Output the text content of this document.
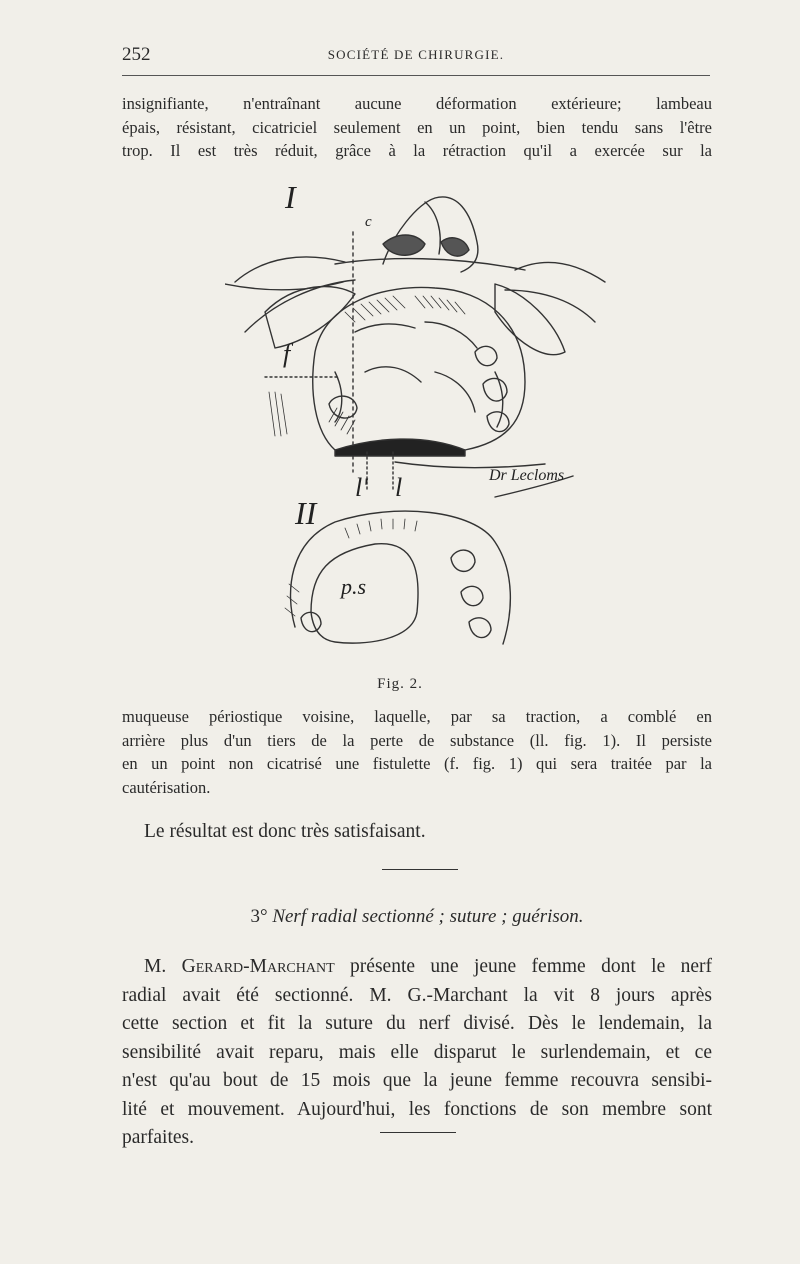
252	SOCIÉTÉ DE CHIRURGIE.
insignifiante, n'entraînant aucune déformation extérieure; lambeau
épais, résistant, cicatriciel seulement en un point, bien tendu sans l'être
trop. Il est très réduit, grâce à la rétraction qu'il a exercée sur la
I
c
f
l' l	Dr Lecloms
II
p.s
Fig. 2.
muqueuse périostique voisine, laquelle, par sa traction, a comblé en
arrière plus d'un tiers de la perte de substance (ll. fig. 1). Il persiste
en un point non cicatrisé une fistulette (f. fig. 1) qui sera traitée par la
cautérisation.
Le résultat est donc très satisfaisant.
3° Nerf radial sectionné ; suture ; guérison.
M. Gerard-Marchant présente une jeune femme dont le nerf
radial avait été sectionné. M. G.-Marchant la vit 8 jours après
cette section et fit la suture du nerf divisé. Dès le lendemain, la
sensibilité avait reparu, mais elle disparut le surlendemain, et ce
n'est qu'au bout de 15 mois que la jeune femme recouvra sensibi-
lité et mouvement. Aujourd'hui, les fonctions de son membre sont
parfaites.
